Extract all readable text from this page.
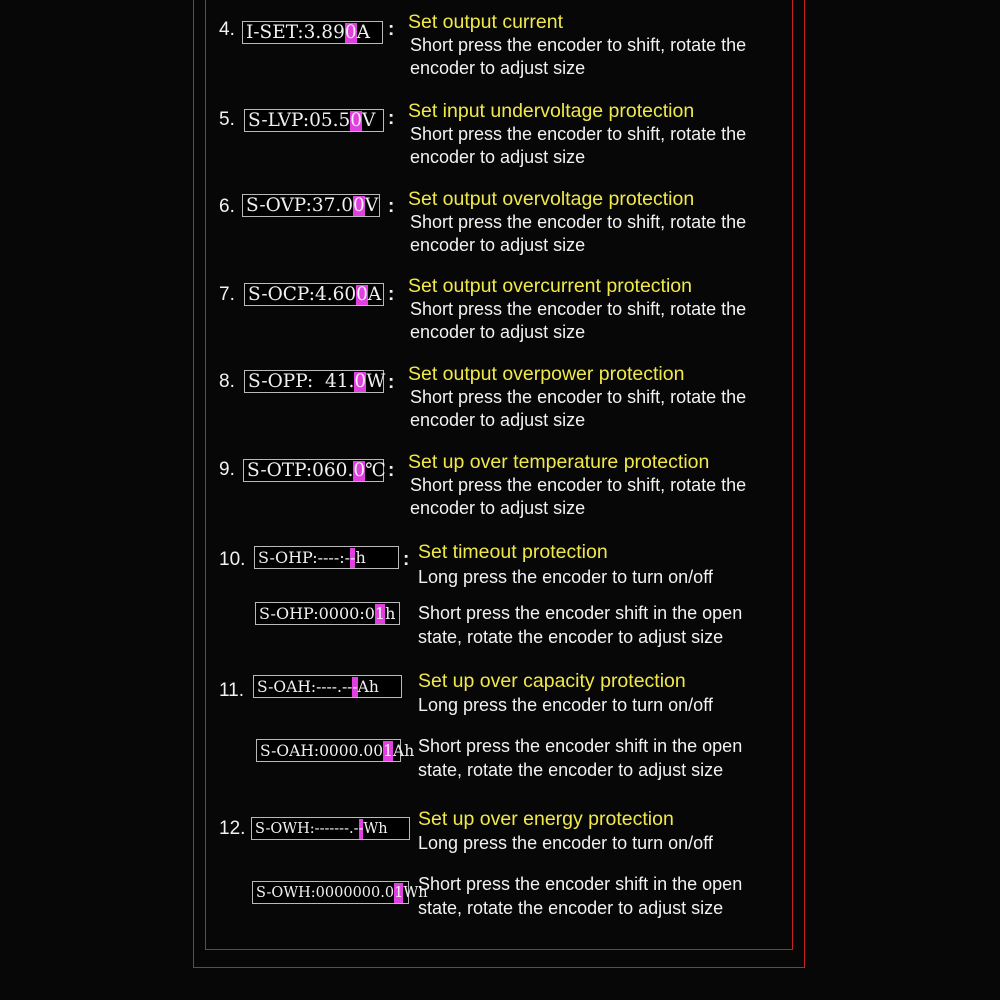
4. I-SET:3.89 0 A : Set output current
Short press the encoder to shift, rotate the
encoder to adjust size
5. S-LVP:05.5 0 V : Set input undervoltage protection
Short press the encoder to shift, rotate the
encoder to adjust size
6. S-OVP:37.0 0 V : Set output overvoltage protection
Short press the encoder to shift, rotate the
encoder to adjust size
7. S-OCP:4.60 0 A : Set output overcurrent protection
Short press the encoder to shift, rotate the
encoder to adjust size
8. S-OPP:  41. 0 W : Set output overpower protection
Short press the encoder to shift, rotate the
encoder to adjust size
9. S-OTP:060. 0 ℃ : Set up over temperature protection
Short press the encoder to shift, rotate the
encoder to adjust size
10. S-OHP:----:- - h : Set timeout protection
Long press the encoder to turn on/off
S-OHP:0000:0 1 h Short press the encoder shift in the open
state, rotate the encoder to adjust size
11. S-OAH:----.-- - Ah Set up over capacity protection
Long press the encoder to turn on/off
S-OAH:0000.00 1 Ah Short press the encoder shift in the open
state, rotate the encoder to adjust size
12. S-OWH:-------.- - Wh Set up over energy protection
Long press the encoder to turn on/off
S-OWH:0000000.0 1 Wh
Short press the encoder shift in the open
state, rotate the encoder to adjust size
